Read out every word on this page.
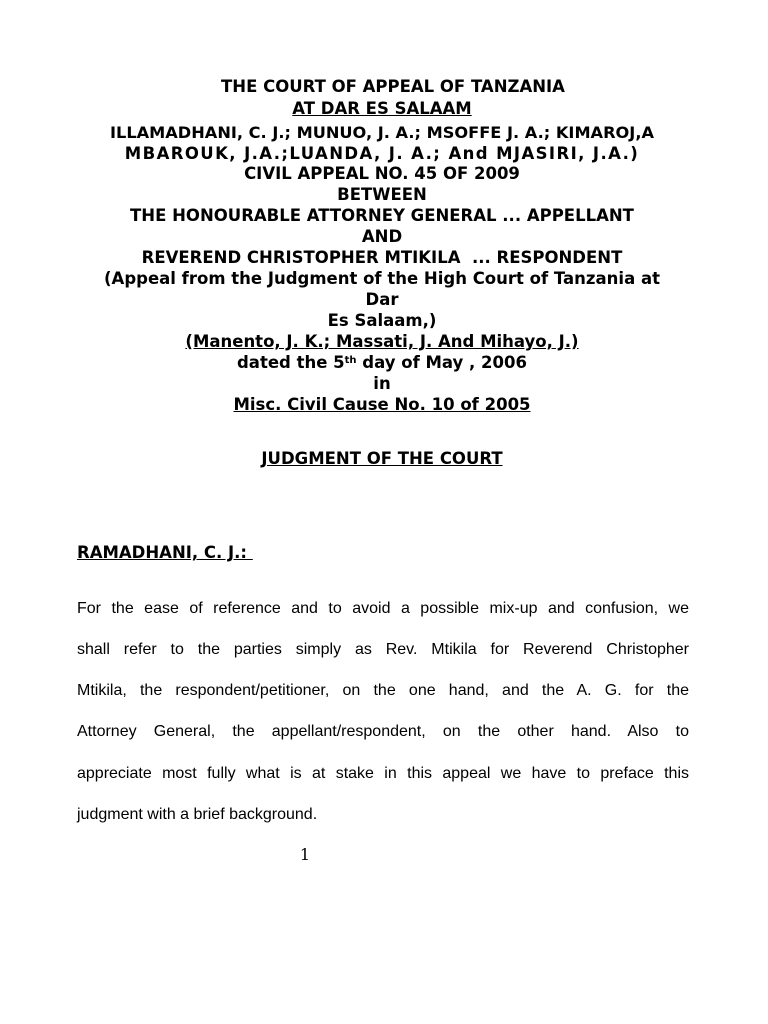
THE COURT OF APPEAL OF TANZANIA
AT DAR ES SALAAM
ILLAMADHANI, C. J.; MUNUO, J. A.; MSOFFE J. A.; KIMAROJ,A
MBAROUK, J.A.;LUANDA, J. A.; And MJASIRI, J.A.)
CIVIL APPEAL NO. 45 OF 2009
BETWEEN
THE HONOURABLE ATTORNEY GENERAL ... APPELLANT
AND
REVEREND CHRISTOPHER MTIKILA  ... RESPONDENT
(Appeal from the Judgment of the High Court of Tanzania at
Dar
Es Salaam,)
(Manento, J. K.; Massati, J. And Mihayo, J.)
dated the 5th day of May , 2006
in
Misc. Civil Cause No. 10 of 2005
JUDGMENT OF THE COURT
RAMADHANI, C. J.:
For the ease of reference and to avoid a possible mix-up and confusion, we
shall refer to the parties simply as Rev. Mtikila for Reverend Christopher
Mtikila, the respondent/petitioner, on the one hand, and the A. G. for the
Attorney General, the appellant/respondent, on the other hand. Also to
appreciate most fully what is at stake in this appeal we have to preface this
judgment with a brief background.
1
